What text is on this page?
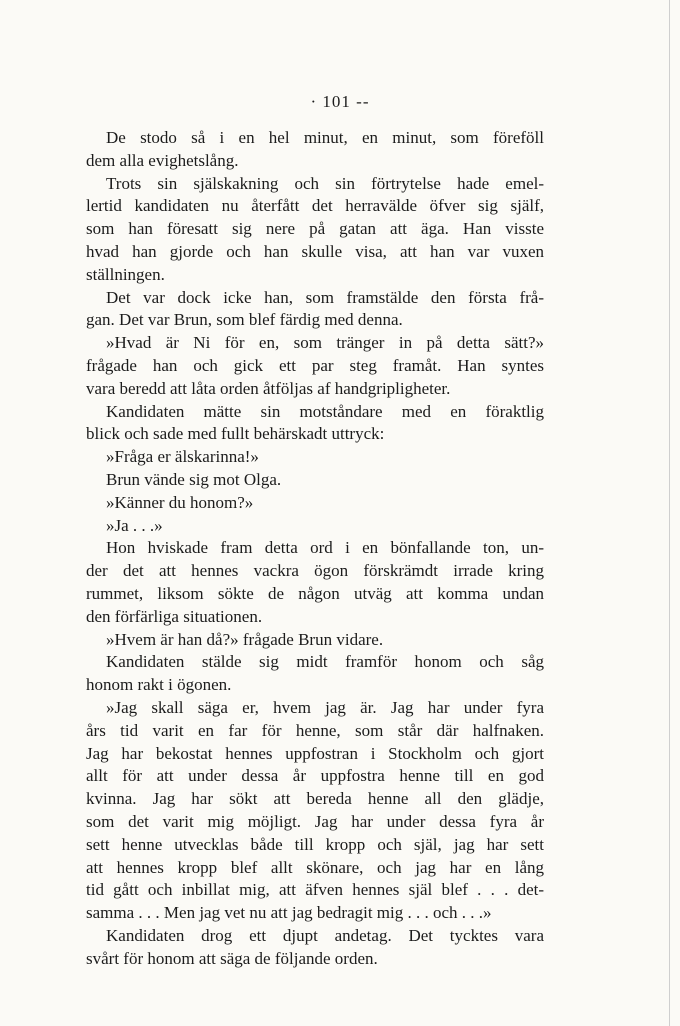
· 101 --
De stodo så i en hel minut, en minut, som föreföll
dem alla evighetslång.
Trots sin själskakning och sin förtrytelse hade emel-
lertid kandidaten nu återfått det herravälde öfver sig själf,
som han föresatt sig nere på gatan att äga. Han visste
hvad han gjorde och han skulle visa, att han var vuxen
ställningen.
Det var dock icke han, som framstälde den första frå-
gan. Det var Brun, som blef färdig med denna.
»Hvad är Ni för en, som tränger in på detta sätt?»
frågade han och gick ett par steg framåt. Han syntes
vara beredd att låta orden åtföljas af handgripligheter.
Kandidaten mätte sin motståndare med en föraktlig
blick och sade med fullt behärskadt uttryck:
»Fråga er älskarinna!»
Brun vände sig mot Olga.
»Känner du honom?»
»Ja . . .»
Hon hviskade fram detta ord i en bönfallande ton, un-
der det att hennes vackra ögon förskrämdt irrade kring
rummet, liksom sökte de någon utväg att komma undan
den förfärliga situationen.
»Hvem är han då?» frågade Brun vidare.
Kandidaten stälde sig midt framför honom och såg
honom rakt i ögonen.
»Jag skall säga er, hvem jag är. Jag har under fyra
års tid varit en far för henne, som står där halfnaken.
Jag har bekostat hennes uppfostran i Stockholm och gjort
allt för att under dessa år uppfostra henne till en god
kvinna. Jag har sökt att bereda henne all den glädje,
som det varit mig möjligt. Jag har under dessa fyra år
sett henne utvecklas både till kropp och själ, jag har sett
att hennes kropp blef allt skönare, och jag har en lång
tid gått och inbillat mig, att äfven hennes själ blef . . . det-
samma . . . Men jag vet nu att jag bedragit mig . . . och . . .»
Kandidaten drog ett djupt andetag. Det tycktes vara
svårt för honom att säga de följande orden.
